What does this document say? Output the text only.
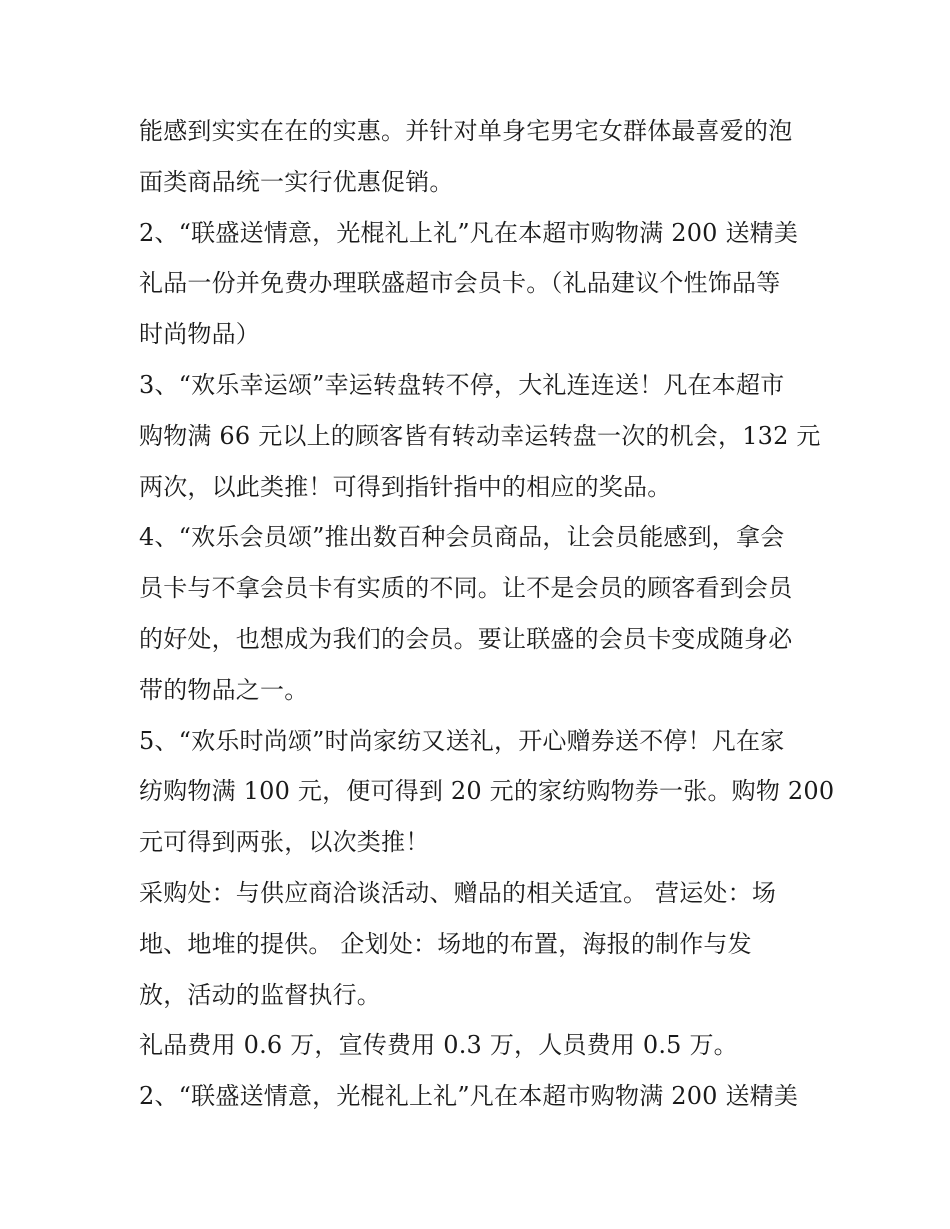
能感到实实在在的实惠。并针对单身宅男宅女群体最喜爱的泡
面类商品统一实行优惠促销。
2、“联盛送情意，光棍礼上礼”凡在本超市购物满 200 送精美
礼品一份并免费办理联盛超市会员卡。（礼品建议个性饰品等
时尚物品）
3、“欢乐幸运颂”幸运转盘转不停，大礼连连送！凡在本超市
购物满 66 元以上的顾客皆有转动幸运转盘一次的机会，132 元
两次，以此类推！可得到指针指中的相应的奖品。
4、“欢乐会员颂”推出数百种会员商品，让会员能感到，拿会
员卡与不拿会员卡有实质的不同。让不是会员的顾客看到会员
的好处，也想成为我们的会员。要让联盛的会员卡变成随身必
带的物品之一。
5、“欢乐时尚颂”时尚家纺又送礼，开心赠券送不停！凡在家
纺购物满 100 元，便可得到 20 元的家纺购物券一张。购物 200
元可得到两张，以次类推！
采购处：与供应商洽谈活动、赠品的相关适宜。 营运处：场
地、地堆的提供。 企划处：场地的布置，海报的制作与发
放，活动的监督执行。
礼品费用 0.6 万，宣传费用 0.3 万，人员费用 0.5 万。
2、“联盛送情意，光棍礼上礼”凡在本超市购物满 200 送精美
